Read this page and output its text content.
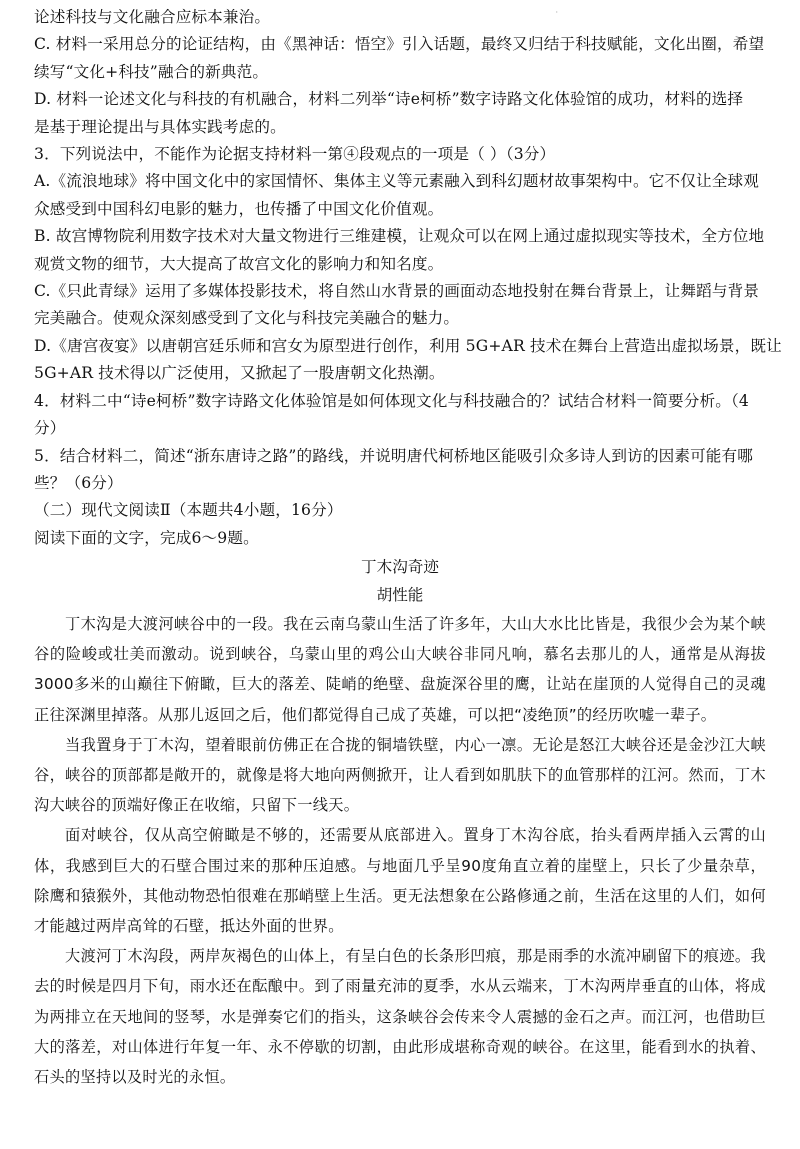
·

论述科技与文化融合应标本兼治。

C. 材料一采用总分的论证结构，由《黑神话：悟空》引入话题，最终又归结于科技赋能，文化出圈，希望

续写“文化+科技”融合的新典范。

D. 材料一论述文化与科技的有机融合，材料二列举“诗e柯桥”数字诗路文化体验馆的成功，材料的选择

是基于理论提出与具体实践考虑的。

3．下列说法中，不能作为论据支持材料一第④段观点的一项是（ ）（3分）

A.《流浪地球》将中国文化中的家国情怀、集体主义等元素融入到科幻题材故事架构中。它不仅让全球观

众感受到中国科幻电影的魅力，也传播了中国文化价值观。

B. 故宫博物院利用数字技术对大量文物进行三维建模，让观众可以在网上通过虚拟现实等技术，全方位地

观赏文物的细节，大大提高了故宫文化的影响力和知名度。

C.《只此青绿》运用了多媒体投影技术，将自然山水背景的画面动态地投射在舞台背景上，让舞蹈与背景

完美融合。使观众深刻感受到了文化与科技完美融合的魅力。

D.《唐宫夜宴》以唐朝宫廷乐师和宫女为原型进行创作，利用 5G+AR 技术在舞台上营造出虚拟场景，既让

5G+AR 技术得以广泛使用，又掀起了一股唐朝文化热潮。

4．材料二中“诗e柯桥”数字诗路文化体验馆是如何体现文化与科技融合的？试结合材料一简要分析。（4

分）

5．结合材料二，简述“浙东唐诗之路”的路线，并说明唐代柯桥地区能吸引众多诗人到访的因素可能有哪

些？（6分）

（二）现代文阅读Ⅱ（本题共4小题，16分）

阅读下面的文字，完成6～9题。

丁木沟奇迹

胡性能

丁木沟是大渡河峡谷中的一段。我在云南乌蒙山生活了许多年，大山大水比比皆是，我很少会为某个峡谷的险峻或壮美而激动。说到峡谷，乌蒙山里的鸡公山大峡谷非同凡响，慕名去那儿的人，通常是从海拔3000多米的山巅往下俯瞰，巨大的落差、陡峭的绝壁、盘旋深谷里的鹰，让站在崖顶的人觉得自己的灵魂正往深渊里掉落。从那儿返回之后，他们都觉得自己成了英雄，可以把“凌绝顶”的经历吹嘘一辈子。

当我置身于丁木沟，望着眼前仿佛正在合拢的铜墙铁壁，内心一凛。无论是怒江大峡谷还是金沙江大峡谷，峡谷的顶部都是敞开的，就像是将大地向两侧掀开，让人看到如肌肤下的血管那样的江河。然而，丁木沟大峡谷的顶端好像正在收缩，只留下一线天。

面对峡谷，仅从高空俯瞰是不够的，还需要从底部进入。置身丁木沟谷底，抬头看两岸插入云霄的山体，我感到巨大的石壁合围过来的那种压迫感。与地面几乎呈90度角直立着的崖壁上，只长了少量杂草，除鹰和猿猴外，其他动物恐怕很难在那峭壁上生活。更无法想象在公路修通之前，生活在这里的人们，如何才能越过两岸高耸的石壁，抵达外面的世界。

大渡河丁木沟段，两岸灰褐色的山体上，有呈白色的长条形凹痕，那是雨季的水流冲刷留下的痕迹。我去的时候是四月下旬，雨水还在酝酿中。到了雨量充沛的夏季，水从云端来，丁木沟两岸垂直的山体，将成为两排立在天地间的竖琴，水是弹奏它们的指头，这条峡谷会传来令人震撼的金石之声。而江河，也借助巨大的落差，对山体进行年复一年、永不停歇的切割，由此形成堪称奇观的峡谷。在这里，能看到水的执着、石头的坚持以及时光的永恒。
